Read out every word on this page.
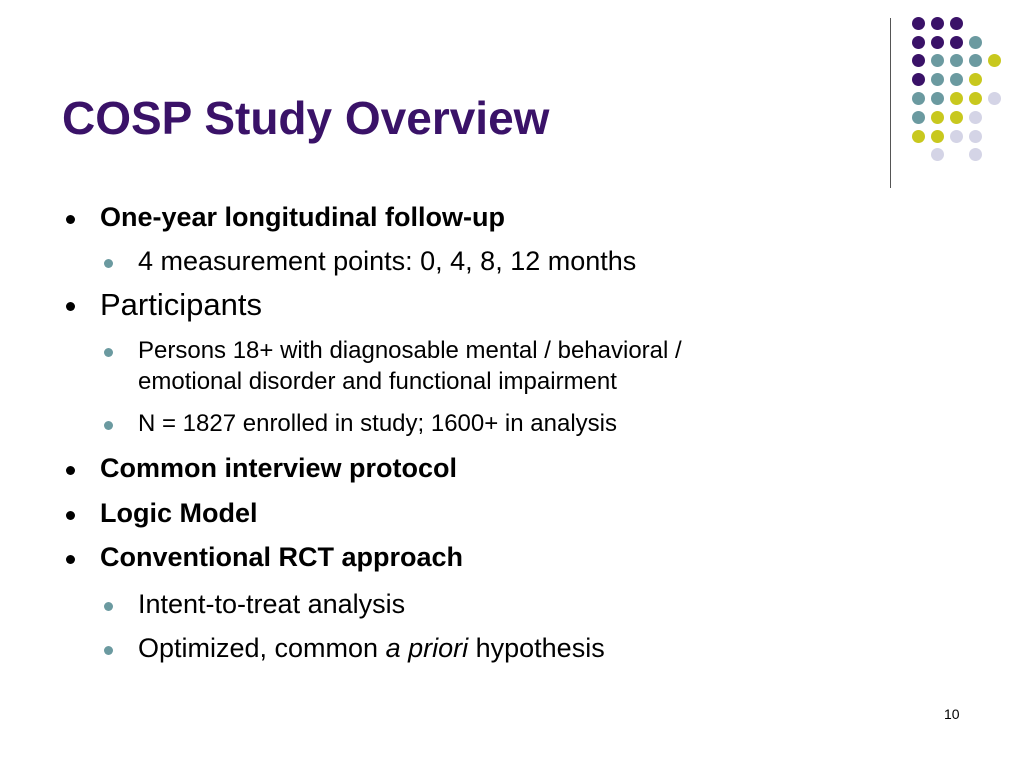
COSP Study Overview
One-year longitudinal follow-up
4 measurement points: 0, 4, 8, 12 months
Participants
Persons 18+ with diagnosable mental / behavioral /
emotional disorder and functional impairment
N = 1827 enrolled in study; 1600+ in analysis
Common interview protocol
Logic Model
Conventional RCT approach
Intent-to-treat analysis
Optimized, common a priori hypothesis
10
